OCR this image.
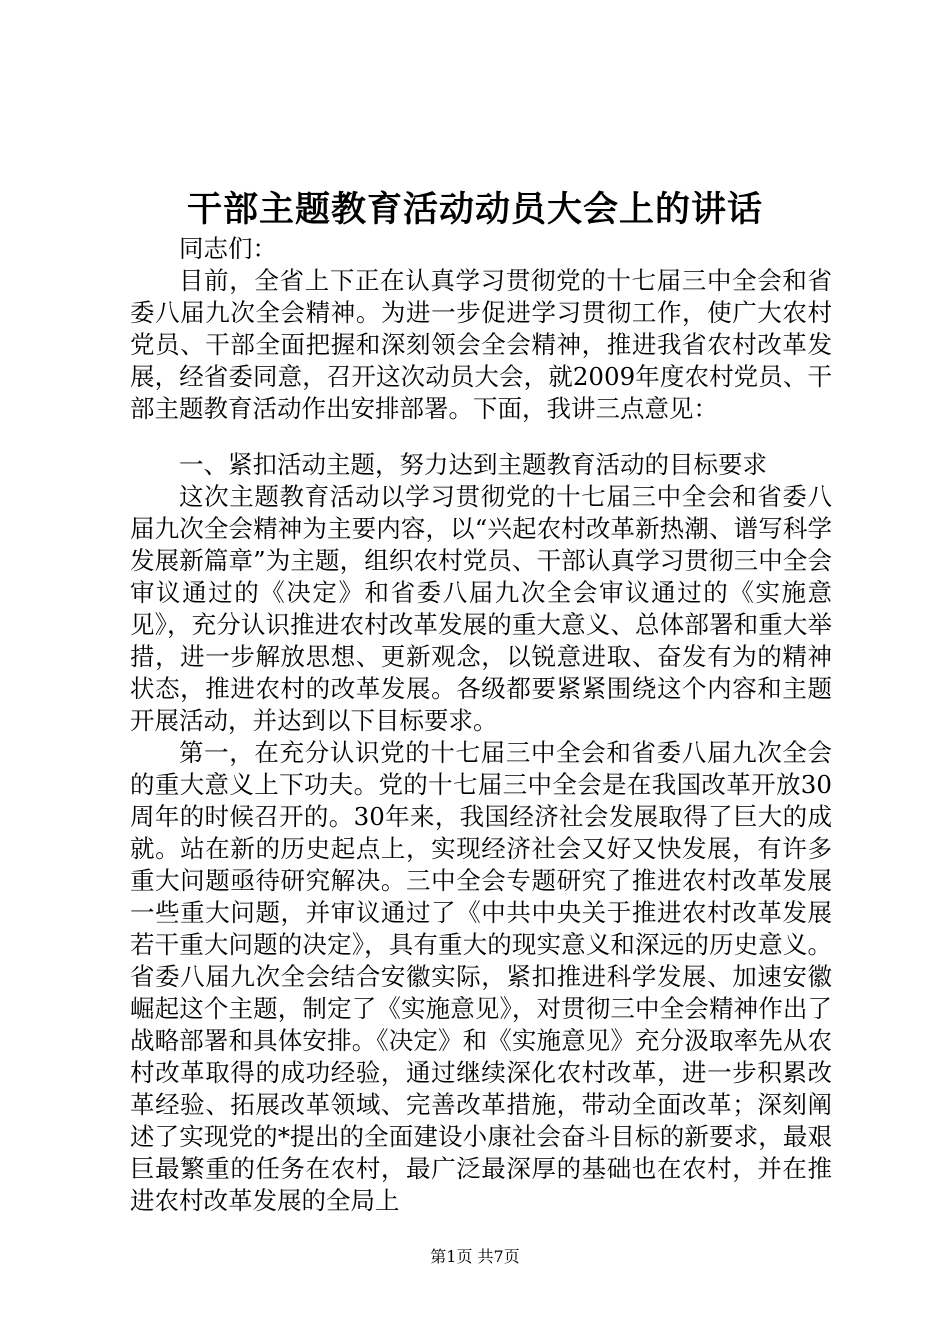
干部主题教育活动动员大会上的讲话

同志们：

目前，全省上下正在认真学习贯彻党的十七届三中全会和省委八届九次全会精神。为进一步促进学习贯彻工作，使广大农村党员、干部全面把握和深刻领会全会精神，推进我省农村改革发展，经省委同意，召开这次动员大会，就2009年度农村党员、干部主题教育活动作出安排部署。下面，我讲三点意见：

一、紧扣活动主题，努力达到主题教育活动的目标要求

这次主题教育活动以学习贯彻党的十七届三中全会和省委八届九次全会精神为主要内容，以“兴起农村改革新热潮、谱写科学发展新篇章”为主题，组织农村党员、干部认真学习贯彻三中全会审议通过的《决定》和省委八届九次全会审议通过的《实施意见》，充分认识推进农村改革发展的重大意义、总体部署和重大举措，进一步解放思想、更新观念，以锐意进取、奋发有为的精神状态，推进农村的改革发展。各级都要紧紧围绕这个内容和主题开展活动，并达到以下目标要求。

第一，在充分认识党的十七届三中全会和省委八届九次全会的重大意义上下功夫。党的十七届三中全会是在我国改革开放30周年的时候召开的。30年来，我国经济社会发展取得了巨大的成就。站在新的历史起点上，实现经济社会又好又快发展，有许多重大问题亟待研究解决。三中全会专题研究了推进农村改革发展一些重大问题，并审议通过了《中共中央关于推进农村改革发展若干重大问题的决定》，具有重大的现实意义和深远的历史意义。省委八届九次全会结合安徽实际，紧扣推进科学发展、加速安徽崛起这个主题，制定了《实施意见》，对贯彻三中全会精神作出了战略部署和具体安排。《决定》和《实施意见》充分汲取率先从农村改革取得的成功经验，通过继续深化农村改革，进一步积累改革经验、拓展改革领域、完善改革措施，带动全面改革；深刻阐述了实现党的*提出的全面建设小康社会奋斗目标的新要求，最艰巨最繁重的任务在农村，最广泛最深厚的基础也在农村，并在推进农村改革发展的全局上

第1页 共7页
